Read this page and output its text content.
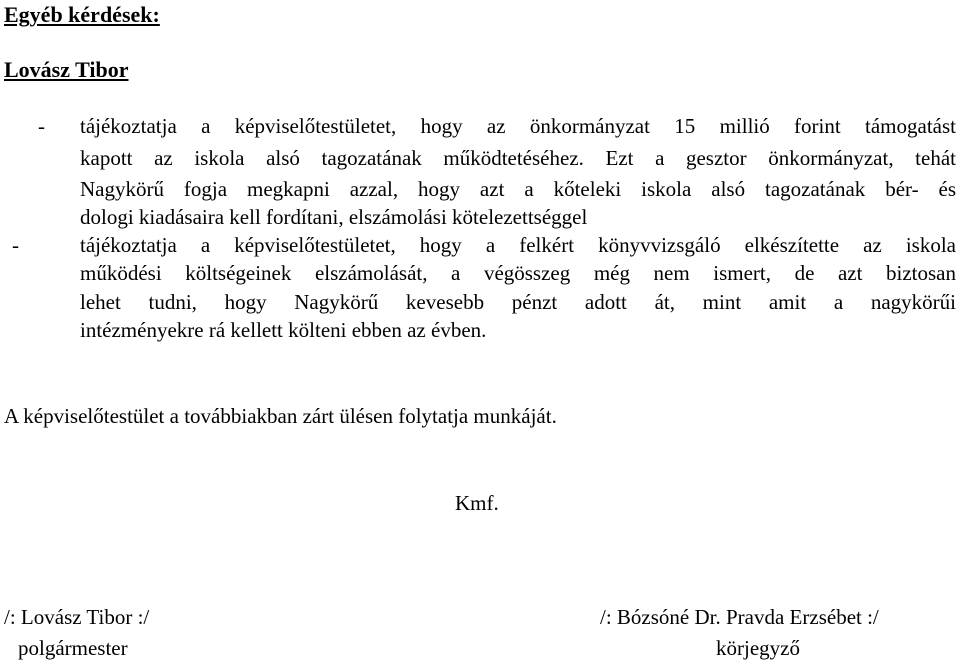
Egyéb kérdések:
Lovász Tibor
- tájékoztatja a képviselőtestületet, hogy az önkormányzat 15 millió forint támogatást
kapott az iskola alsó tagozatának működtetéséhez. Ezt a gesztor önkormányzat, tehát
Nagykörű fogja megkapni azzal, hogy azt a kőteleki iskola alsó tagozatának bér- és
dologi kiadásaira kell fordítani, elszámolási kötelezettséggel
-	tájékoztatja a képviselőtestületet, hogy a felkért könyvvizsgáló elkészítette az iskola
működési költségeinek elszámolását, a végösszeg még nem ismert, de azt biztosan
lehet tudni, hogy Nagykörű kevesebb pénzt adott át, mint amit a nagykörűi
intézményekre rá kellett költeni ebben az évben.
A képviselőtestület a továbbiakban zárt ülésen folytatja munkáját.
Kmf.
/: Lovász Tibor :/
polgármester
/: Bózsóné Dr. Pravda Erzsébet :/
körjegyző
